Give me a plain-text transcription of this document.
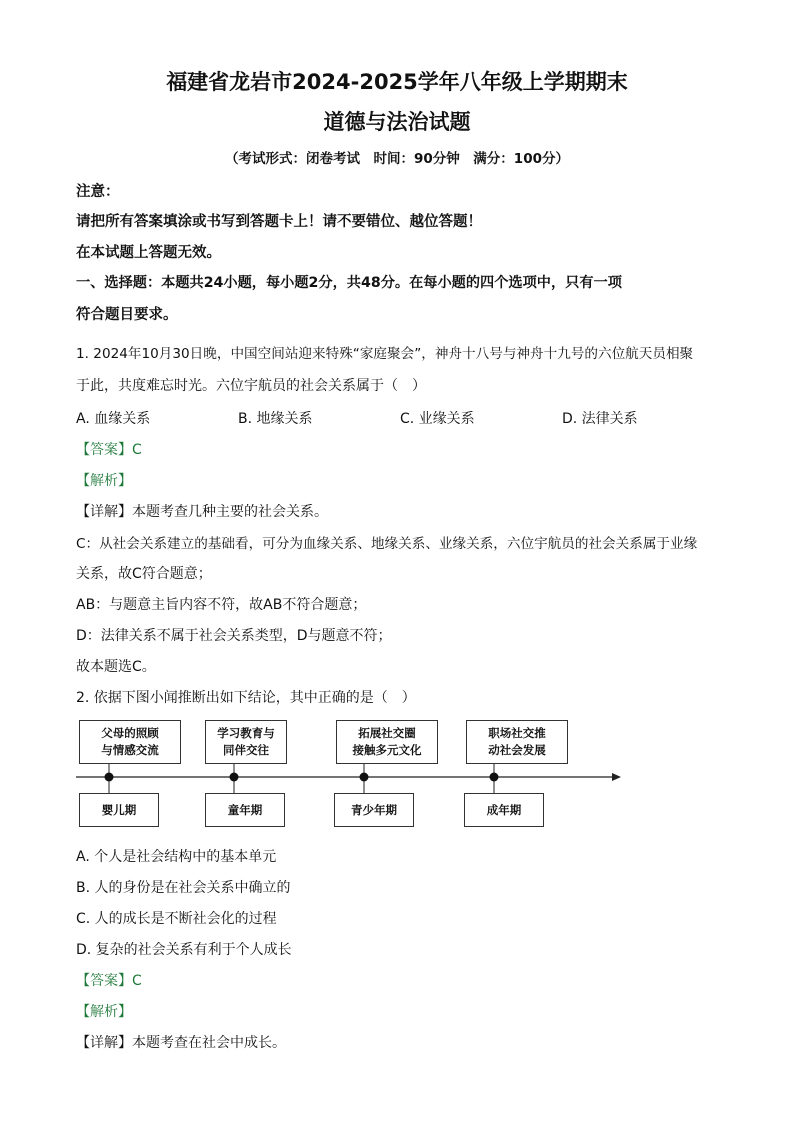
福建省龙岩市2024-2025学年八年级上学期期末
道德与法治试题
（考试形式：闭卷考试　时间：90分钟　满分：100分）
注意：
请把所有答案填涂或书写到答题卡上！请不要错位、越位答题！
在本试题上答题无效。
一、选择题：本题共24小题，每小题2分，共48分。在每小题的四个选项中，只有一项
符合题目要求。
1. 2024年10月30日晚，中国空间站迎来特殊“家庭聚会”，神舟十八号与神舟十九号的六位航天员相聚
于此，共度难忘时光。六位宇航员的社会关系属于（　）
A. 血缘关系	B. 地缘关系	C. 业缘关系	D. 法律关系
【答案】C
【解析】
【详解】本题考查几种主要的社会关系。
C：从社会关系建立的基础看，可分为血缘关系、地缘关系、业缘关系，六位宇航员的社会关系属于业缘
关系，故C符合题意；
AB：与题意主旨内容不符，故AB不符合题意；
D：法律关系不属于社会关系类型，D与题意不符；
故本题选C。
2. 依据下图小闻推断出如下结论，其中正确的是（　）
父母的照顾
与情感交流
学习教育与
同伴交往
拓展社交圈
接触多元文化
职场社交推
动社会发展
婴儿期	童年期	青少年期	成年期
A. 个人是社会结构中的基本单元
B. 人的身份是在社会关系中确立的
C. 人的成长是不断社会化的过程
D. 复杂的社会关系有利于个人成长
【答案】C
【解析】
【详解】本题考查在社会中成长。
